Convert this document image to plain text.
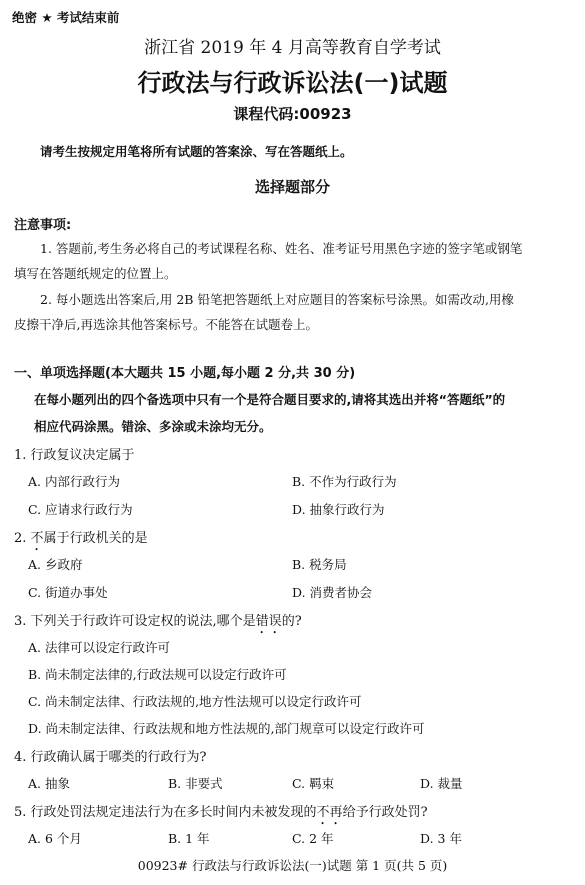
绝密 ★ 考试结束前
浙江省 2019 年 4 月高等教育自学考试
行政法与行政诉讼法(一)试题
课程代码:00923
请考生按规定用笔将所有试题的答案涂、写在答题纸上。
选择题部分
注意事项:
1. 答题前,考生务必将自己的考试课程名称、姓名、准考证号用黑色字迹的签字笔或钢笔
填写在答题纸规定的位置上。
2. 每小题选出答案后,用 2B 铅笔把答题纸上对应题目的答案标号涂黑。如需改动,用橡
皮擦干净后,再选涂其他答案标号。不能答在试题卷上。
一、单项选择题(本大题共 15 小题,每小题 2 分,共 30 分)
在每小题列出的四个备选项中只有一个是符合题目要求的,请将其选出并将“答题纸”的
相应代码涂黑。错涂、多涂或未涂均无分。
1. 行政复议决定属于
A. 内部行政行为	B. 不作为行政行为
C. 应请求行政行为	D. 抽象行政行为
2. 不属于行政机关的是
A. 乡政府	B. 税务局
C. 街道办事处	D. 消费者协会
3. 下列关于行政许可设定权的说法,哪个是错误的?
A. 法律可以设定行政许可
B. 尚未制定法律的,行政法规可以设定行政许可
C. 尚未制定法律、行政法规的,地方性法规可以设定行政许可
D. 尚未制定法律、行政法规和地方性法规的,部门规章可以设定行政许可
4. 行政确认属于哪类的行政行为?
A. 抽象	B. 非要式	C. 羁束	D. 裁量
5. 行政处罚法规定违法行为在多长时间内未被发现的不再给予行政处罚?
A. 6 个月	B. 1 年	C. 2 年	D. 3 年
00923# 行政法与行政诉讼法(一)试题 第 1 页(共 5 页)
